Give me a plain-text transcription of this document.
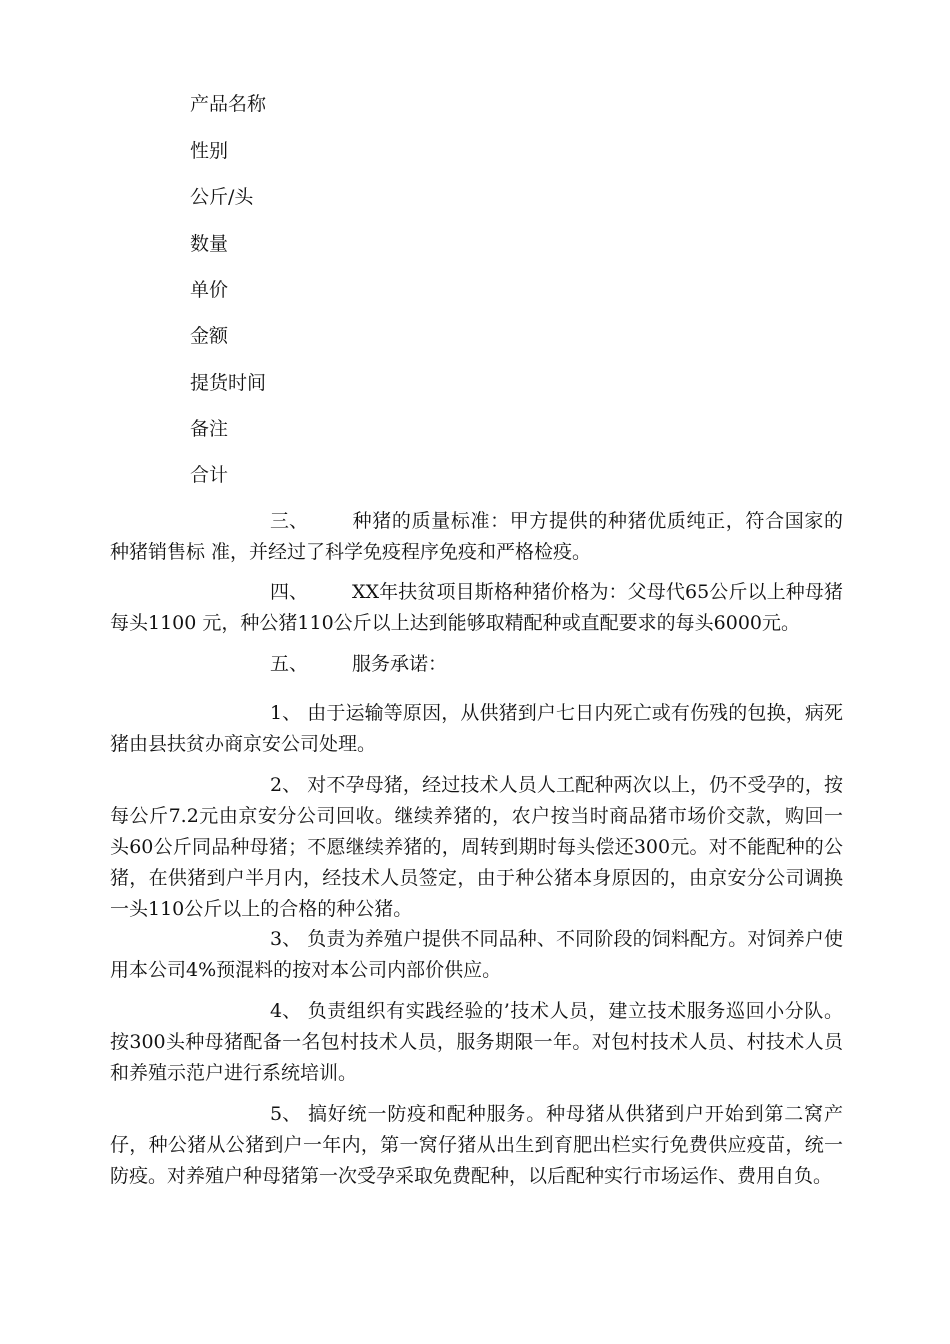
产品名称

性别

公斤/头

数量

单价

金额

提货时间

备注

合计

三、 种猪的质量标准：甲方提供的种猪优质纯正，符合国家的种猪销售标 准，并经过了科学免疫程序免疫和严格检疫。

四、 XX年扶贫项目斯格种猪价格为：父母代65公斤以上种母猪每头1100 元，种公猪110公斤以上达到能够取精配种或直配要求的每头6000元。

五、 服务承诺：

1、 由于运输等原因，从供猪到户七日内死亡或有伤残的包换，病死猪由县扶贫办商京安公司处理。

2、 对不孕母猪，经过技术人员人工配种两次以上，仍不受孕的，按每公斤7.2元由京安分公司回收。继续养猪的，农户按当时商品猪市场价交款，购回一头60公斤同品种母猪；不愿继续养猪的，周转到期时每头偿还300元。对不能配种的公猪，在供猪到户半月内，经技术人员签定，由于种公猪本身原因的，由京安分公司调换一头110公斤以上的合格的种公猪。

3、 负责为养殖户提供不同品种、不同阶段的饲料配方。对饲养户使用本公司4%预混料的按对本公司内部价供应。

4、 负责组织有实践经验的’技术人员，建立技术服务巡回小分队。按300头种母猪配备一名包村技术人员，服务期限一年。对包村技术人员、村技术人员和养殖示范户进行系统培训。

5、 搞好统一防疫和配种服务。种母猪从供猪到户开始到第二窝产仔，种公猪从公猪到户一年内，第一窝仔猪从出生到育肥出栏实行免费供应疫苗，统一防疫。对养殖户种母猪第一次受孕采取免费配种，以后配种实行市场运作、费用自负。
